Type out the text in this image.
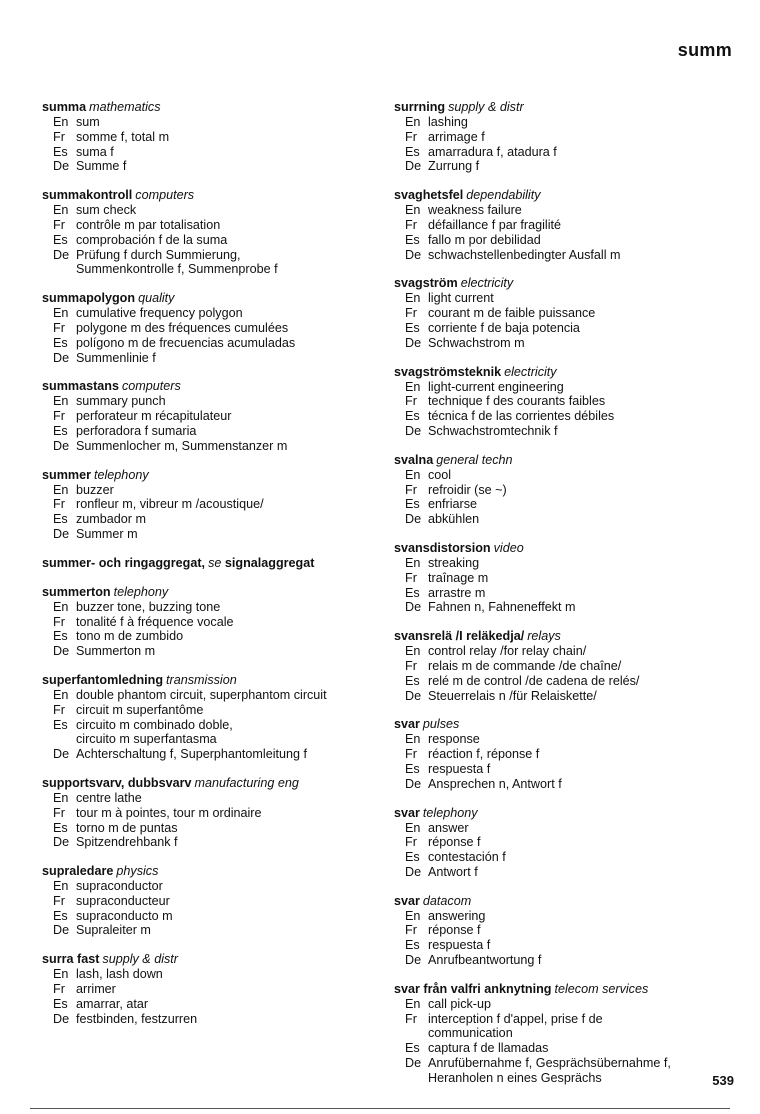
summ
summa mathematics
En sum
Fr somme f, total m
Es suma f
De Summe f
summakontroll computers
En sum check
Fr contrôle m par totalisation
Es comprobación f de la suma
De Prüfung f durch Summierung,
Summenkontrolle f, Summenprobe f
summapolygon quality
En cumulative frequency polygon
Fr polygone m des fréquences cumulées
Es polígono m de frecuencias acumuladas
De Summenlinie f
summastans computers
En summary punch
Fr perforateur m récapitulateur
Es perforadora f sumaria
De Summenlocher m, Summenstanzer m
summer telephony
En buzzer
Fr ronfleur m, vibreur m /acoustique/
Es zumbador m
De Summer m
summer- och ringaggregat, se signalaggregat
summerton telephony
En buzzer tone, buzzing tone
Fr tonalité f à fréquence vocale
Es tono m de zumbido
De Summerton m
superfantomledning transmission
En double phantom circuit, superphantom circuit
Fr circuit m superfantôme
Es circuito m combinado doble,
circuito m superfantasma
De Achterschaltung f, Superphantomleitung f
supportsvarv, dubbsvarv manufacturing eng
En centre lathe
Fr tour m à pointes, tour m ordinaire
Es torno m de puntas
De Spitzendrehbank f
supraledare physics
En supraconductor
Fr supraconducteur
Es supraconducto m
De Supraleiter m
surra fast supply & distr
En lash, lash down
Fr arrimer
Es amarrar, atar
De festbinden, festzurren
surrning supply & distr
En lashing
Fr arrimage f
Es amarradura f, atadura f
De Zurrung f
svaghetsfel dependability
En weakness failure
Fr défaillance f par fragilité
Es fallo m por debilidad
De schwachstellenbedingter Ausfall m
svagström electricity
En light current
Fr courant m de faible puissance
Es corriente f de baja potencia
De Schwachstrom m
svagströmsteknik electricity
En light-current engineering
Fr technique f des courants faibles
Es técnica f de las corrientes débiles
De Schwachstromtechnik f
svalna general techn
En cool
Fr refroidir (se ~)
Es enfriarse
De abkühlen
svansdistorsion video
En streaking
Fr traînage m
Es arrastre m
De Fahnen n, Fahneneffekt m
svansrelä /I reläkedja/ relays
En control relay /for relay chain/
Fr relais m de commande /de chaîne/
Es relé m de control /de cadena de relés/
De Steuerrelais n /für Relaiskette/
svar pulses
En response
Fr réaction f, réponse f
Es respuesta f
De Ansprechen n, Antwort f
svar telephony
En answer
Fr réponse f
Es contestación f
De Antwort f
svar datacom
En answering
Fr réponse f
Es respuesta f
De Anrufbeantwortung f
svar från valfri anknytning telecom services
En call pick-up
Fr interception f d'appel, prise f de
communication
Es captura f de llamadas
De Anrufübernahme f, Gesprächsübernahme f,
Heranholen n eines Gesprächs	539
